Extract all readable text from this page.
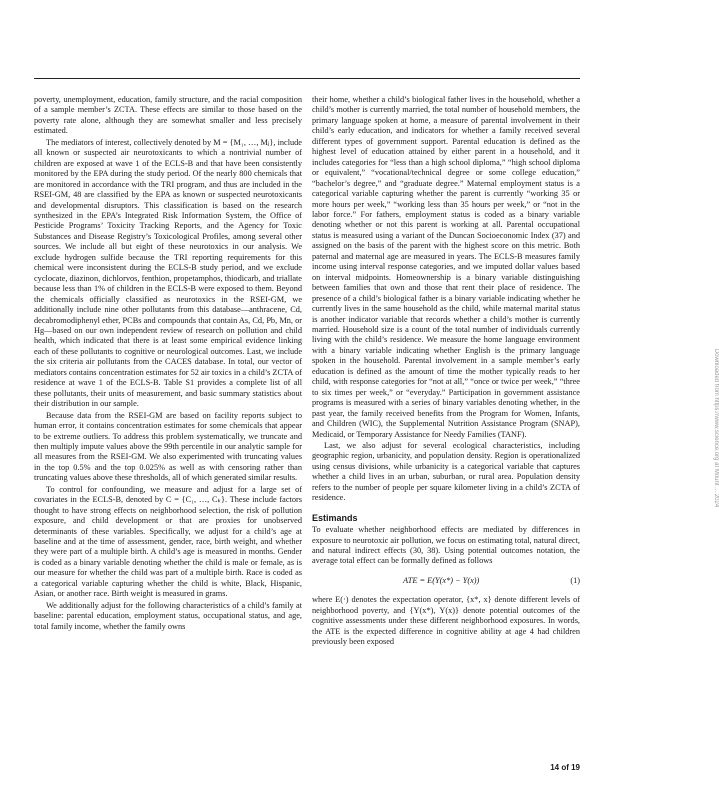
poverty, unemployment, education, family structure, and the racial composition of a sample member’s ZCTA. These effects are similar to those based on the poverty rate alone, although they are somewhat smaller and less precisely estimated.

The mediators of interest, collectively denoted by M = {M₁, …, Mⱼ}, include all known or suspected air neurotoxicants to which a nontrivial number of children are exposed at wave 1 of the ECLS-B and that have been consistently monitored by the EPA during the study period. Of the nearly 800 chemicals that are monitored in accordance with the TRI program, and thus are included in the RSEI-GM, 48 are classified by the EPA as known or suspected neurotoxicants and developmental disruptors. This classification is based on the research synthesized in the EPA’s Integrated Risk Information System, the Office of Pesticide Programs’ Toxicity Tracking Reports, and the Agency for Toxic Substances and Disease Registry’s Toxicological Profiles, among several other sources. We include all but eight of these neurotoxics in our analysis. We exclude hydrogen sulfide because the TRI reporting requirements for this chemical were inconsistent during the ECLS-B study period, and we exclude cyclocate, diazinon, dichlorvos, fenthion, propetamphos, thiodicarb, and triallate because less than 1% of children in the ECLS-B were exposed to them. Beyond the chemicals officially classified as neurotoxics in the RSEI-GM, we additionally include nine other pollutants from this database—anthracene, Cd, decabromodiphenyl ether, PCBs and compounds that contain As, Cd, Pb, Mn, or Hg—based on our own independent review of research on pollution and child health, which indicated that there is at least some empirical evidence linking each of these pollutants to cognitive or neurological outcomes. Last, we include the six criteria air pollutants from the CACES database. In total, our vector of mediators contains concentration estimates for 52 air toxics in a child’s ZCTA of residence at wave 1 of the ECLS-B. Table S1 provides a complete list of all these pollutants, their units of measurement, and basic summary statistics about their distribution in our sample.

Because data from the RSEI-GM are based on facility reports subject to human error, it contains concentration estimates for some chemicals that appear to be extreme outliers. To address this problem systematically, we truncate and then multiply impute values above the 99th percentile in our analytic sample for all measures from the RSEI-GM. We also experimented with truncating values in the top 0.5% and the top 0.025% as well as with censoring rather than truncating values above these thresholds, all of which generated similar results.

To control for confounding, we measure and adjust for a large set of covariates in the ECLS-B, denoted by C = {C₁, …, Cₖ}. These include factors thought to have strong effects on neighborhood selection, the risk of pollution exposure, and child development or that are proxies for unobserved determinants of these variables. Specifically, we adjust for a child’s age at baseline and at the time of assessment, gender, race, birth weight, and whether they were part of a multiple birth. A child’s age is measured in months. Gender is coded as a binary variable denoting whether the child is male or female, as is our measure for whether the child was part of a multiple birth. Race is coded as a categorical variable capturing whether the child is white, Black, Hispanic, Asian, or another race. Birth weight is measured in grams.

We additionally adjust for the following characteristics of a child’s family at baseline: parental education, employment status, occupational status, and age, total family income, whether the family owns

their home, whether a child’s biological father lives in the household, whether a child’s mother is currently married, the total number of household members, the primary language spoken at home, a measure of parental involvement in their child’s early education, and indicators for whether a family received several different types of government support. Parental education is defined as the highest level of education attained by either parent in a household, and it includes categories for “less than a high school diploma,” “high school diploma or equivalent,” “vocational/technical degree or some college education,” “bachelor’s degree,” and “graduate degree.” Maternal employment status is a categorical variable capturing whether the parent is currently “working 35 or more hours per week,” “working less than 35 hours per week,” or “not in the labor force.” For fathers, employment status is coded as a binary variable denoting whether or not this parent is working at all. Parental occupational status is measured using a variant of the Duncan Socioeconomic Index (37) and assigned on the basis of the parent with the highest score on this metric. Both paternal and maternal age are measured in years. The ECLS-B measures family income using interval response categories, and we imputed dollar values based on interval midpoints. Homeownership is a binary variable distinguishing between families that own and those that rent their place of residence. The presence of a child’s biological father is a binary variable indicating whether he currently lives in the same household as the child, while maternal marital status is another indicator variable that records whether a child’s mother is currently married. Household size is a count of the total number of individuals currently living with the child’s residence. We measure the home language environment with a binary variable indicating whether English is the primary language spoken in the household. Parental involvement in a sample member’s early education is defined as the amount of time the mother typically reads to her child, with response categories for “not at all,” “once or twice per week,” “three to six times per week,” or “everyday.” Participation in government assistance programs is measured with a series of binary variables denoting whether, in the past year, the family received benefits from the Program for Women, Infants, and Children (WIC), the Supplemental Nutrition Assistance Program (SNAP), Medicaid, or Temporary Assistance for Needy Families (TANF).

Last, we also adjust for several ecological characteristics, including geographic region, urbanicity, and population density. Region is operationalized using census divisions, while urbanicity is a categorical variable that captures whether a child lives in an urban, suburban, or rural area. Population density refers to the number of people per square kilometer living in a child’s ZCTA of residence.

Estimands

To evaluate whether neighborhood effects are mediated by differences in exposure to neurotoxic air pollution, we focus on estimating total, natural direct, and natural indirect effects (30, 38). Using potential outcomes notation, the average total effect can be formally defined as follows

ATE = E(Y(x*) − Y(x))	(1)

where E(·) denotes the expectation operator, {x*, x} denote different levels of neighborhood poverty, and {Y(x*), Y(x)} denote potential outcomes of the cognitive assessments under these different neighborhood exposures. In words, the ATE is the expected difference in cognitive ability at age 4 had children previously been exposed

Downloaded from https://www.science.org at Mount ... 2024
14 of 19
